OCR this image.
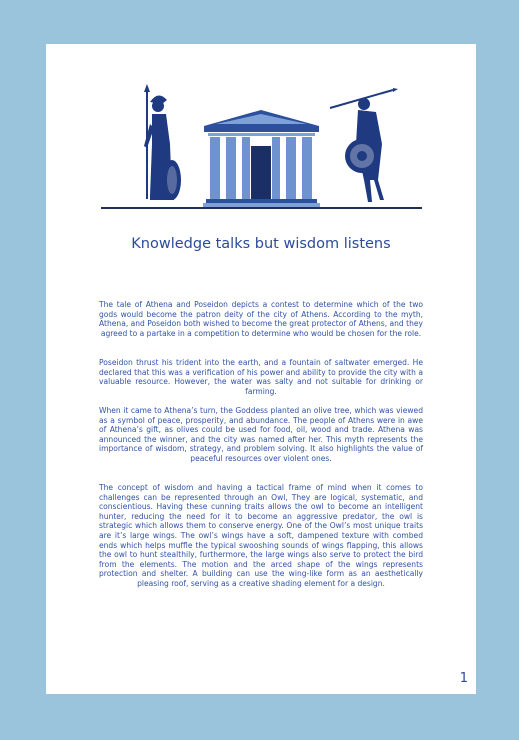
Knowledge talks but wisdom listens

The tale of Athena and Poseidon depicts a contest to determine which of the two gods would become the patron deity of the city of Athens. According to the myth, Athena, and Poseidon both wished to become the great protector of Athens, and they agreed to a partake in a competition to determine who would be chosen for the role.

Poseidon thrust his trident into the earth, and a fountain of saltwater emerged. He declared that this was a verification of his power and ability to provide the city with a valuable resource. However, the water was salty and not suitable for drinking or farming.

When it came to Athena’s turn, the Goddess planted an olive tree, which was viewed as a symbol of peace, prosperity, and abundance. The people of Athens were in awe of Athena’s gift, as olives could be used for food, oil, wood and trade. Athena was announced the winner, and the city was named after her. This myth represents the importance of wisdom, strategy, and problem solving. It also highlights the value of peaceful resources over violent ones.

The concept of wisdom and having a tactical frame of mind when it comes to challenges can be represented through an Owl, They are logical, systematic, and conscientious. Having these cunning traits allows the owl to become an intelligent hunter, reducing the need for it to become an aggressive predator, the owl is strategic which allows them to conserve energy. One of the Owl’s most unique traits are it’s large wings. The owl’s wings have a soft, dampened texture with combed ends which helps muffle the typical swooshing sounds of wings flapping, this allows the owl to hunt stealthily, furthermore, the large wings also serve to protect the bird from the elements. The motion and the arced shape of the wings represents protection and shelter. A building can use the wing-like form as an aesthetically pleasing roof, serving as a creative shading element for a design.

1
